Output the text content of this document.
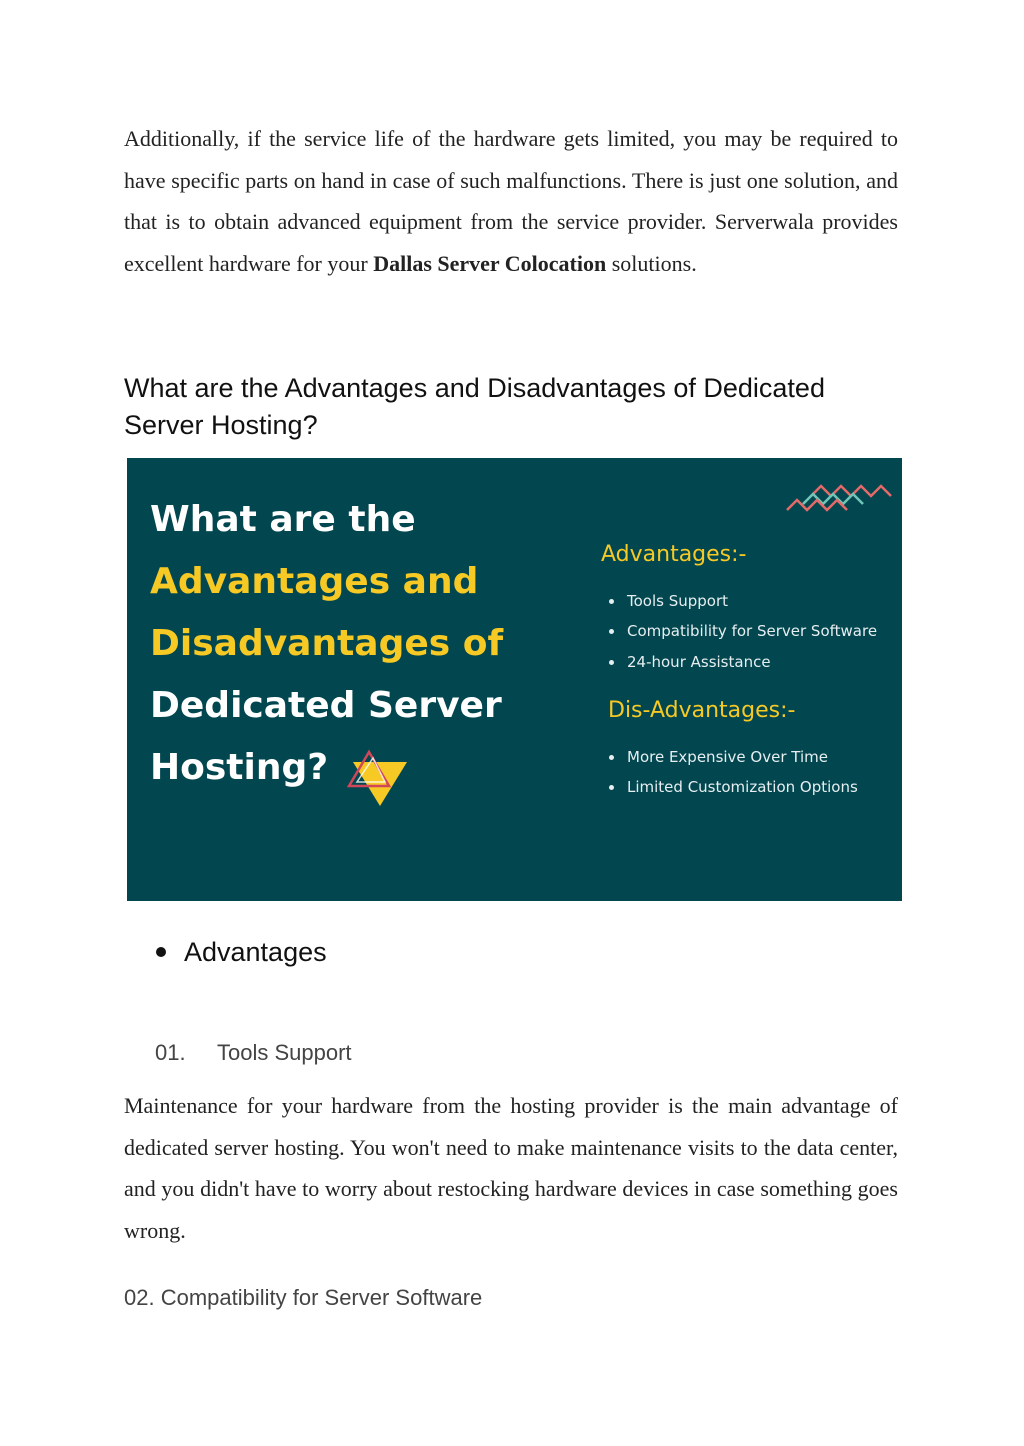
Additionally, if the service life of the hardware gets limited, you may be required to have specific parts on hand in case of such malfunctions. There is just one solution, and that is to obtain advanced equipment from the service provider. Serverwala provides excellent hardware for your Dallas Server Colocation solutions.

What are the Advantages and Disadvantages of Dedicated Server Hosting?
What are the
Advantages and
Disadvantages of
Dedicated Server
Hosting?
Advantages:-
Tools Support
Compatibility for Server Software
24-hour Assistance
Dis-Advantages:-
More Expensive Over Time
Limited Customization Options
Advantages
01. Tools Support

Maintenance for your hardware from the hosting provider is the main advantage of dedicated server hosting. You won't need to make maintenance visits to the data center, and you didn't have to worry about restocking hardware devices in case something goes wrong.

02. Compatibility for Server Software
